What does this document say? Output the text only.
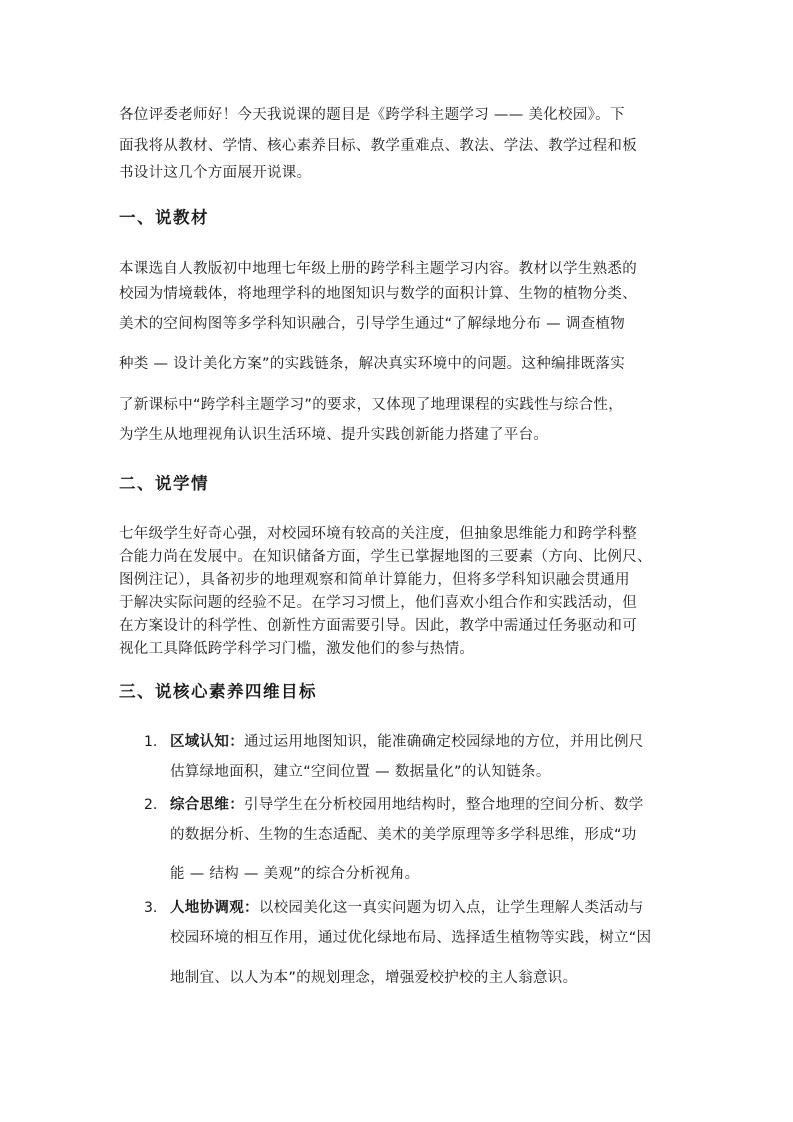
各位评委老师好！今天我说课的题目是《跨学科主题学习 —— 美化校园》。下
面我将从教材、学情、核心素养目标、教学重难点、教法、学法、教学过程和板
书设计这几个方面展开说课。
一、说教材
本课选自人教版初中地理七年级上册的跨学科主题学习内容。教材以学生熟悉的
校园为情境载体，将地理学科的地图知识与数学的面积计算、生物的植物分类、
美术的空间构图等多学科知识融合，引导学生通过“了解绿地分布 — 调查植物
种类 — 设计美化方案”的实践链条，解决真实环境中的问题。这种编排既落实
了新课标中“跨学科主题学习”的要求，又体现了地理课程的实践性与综合性，
为学生从地理视角认识生活环境、提升实践创新能力搭建了平台。
二、说学情
七年级学生好奇心强，对校园环境有较高的关注度，但抽象思维能力和跨学科整
合能力尚在发展中。在知识储备方面，学生已掌握地图的三要素（方向、比例尺、
图例注记），具备初步的地理观察和简单计算能力，但将多学科知识融会贯通用
于解决实际问题的经验不足。在学习习惯上，他们喜欢小组合作和实践活动，但
在方案设计的科学性、创新性方面需要引导。因此，教学中需通过任务驱动和可
视化工具降低跨学科学习门槛，激发他们的参与热情。
三、说核心素养四维目标
1. 区域认知：通过运用地图知识，能准确确定校园绿地的方位，并用比例尺
估算绿地面积，建立“空间位置 — 数据量化”的认知链条。
2. 综合思维：引导学生在分析校园用地结构时，整合地理的空间分析、数学
的数据分析、生物的生态适配、美术的美学原理等多学科思维，形成“功
能 — 结构 — 美观”的综合分析视角。
3. 人地协调观：以校园美化这一真实问题为切入点，让学生理解人类活动与
校园环境的相互作用，通过优化绿地布局、选择适生植物等实践，树立“因
地制宜、以人为本”的规划理念，增强爱校护校的主人翁意识。
